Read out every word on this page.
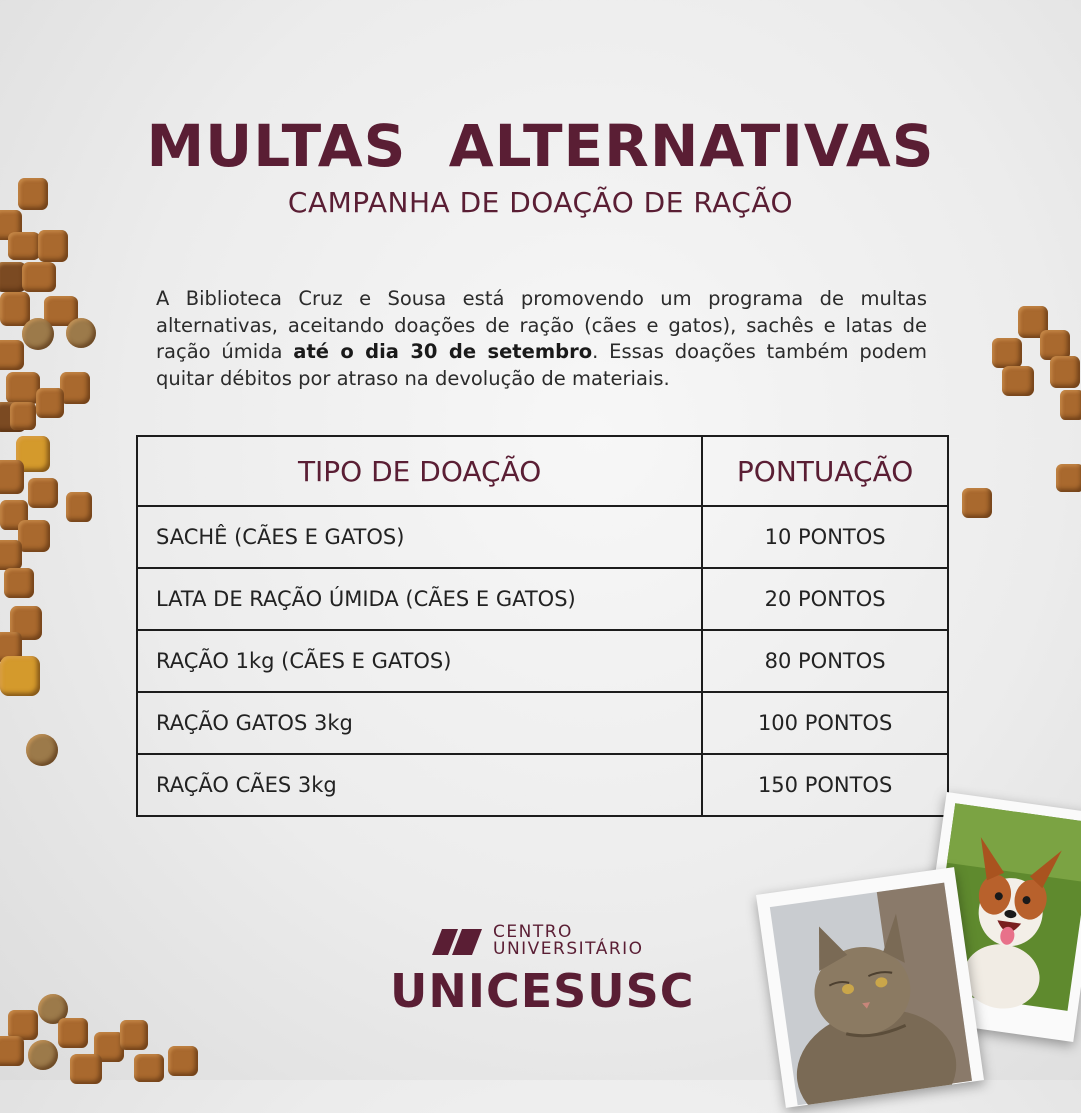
MULTAS  ALTERNATIVAS
CAMPANHA DE DOAÇÃO DE RAÇÃO

A Biblioteca Cruz e Sousa está promovendo um programa de multas alternativas, aceitando doações de ração (cães e gatos), sachês e latas de ração úmida até o dia 30 de setembro. Essas doações também podem quitar débitos por atraso na devolução de materiais.

TIPO DE DOAÇÃO	PONTUAÇÃO
SACHÊ (CÃES E GATOS)	10 PONTOS
LATA DE RAÇÃO ÚMIDA (CÃES E GATOS)	20 PONTOS
RAÇÃO 1kg (CÃES E GATOS)	80 PONTOS
RAÇÃO GATOS 3kg	100 PONTOS
RAÇÃO CÃES 3kg	150 PONTOS
CENTRO
UNIVERSITÁRIO
UNICESUSC
